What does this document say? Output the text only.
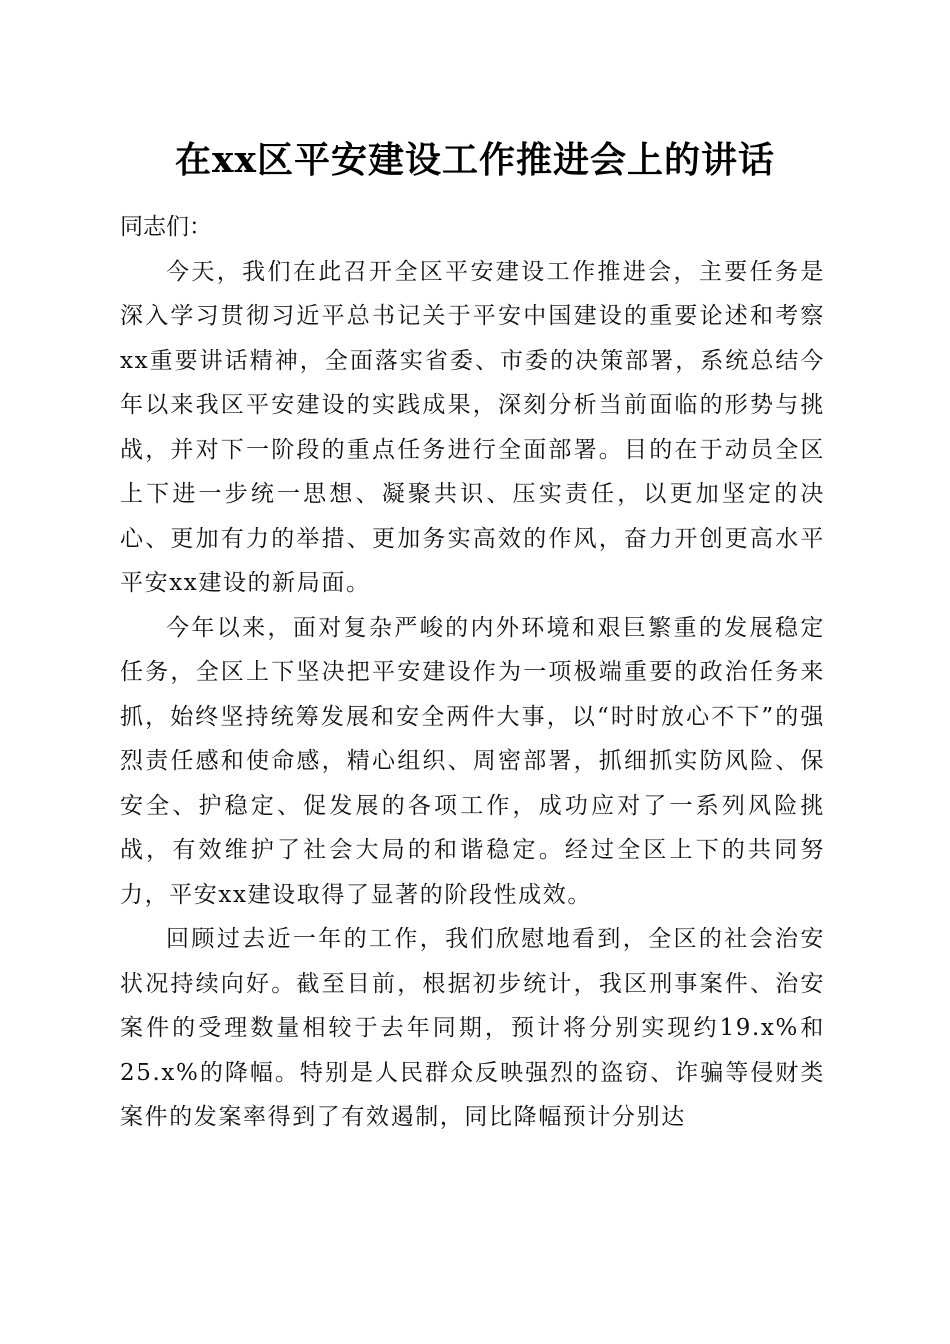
在xx区平安建设工作推进会上的讲话

同志们：

今天，我们在此召开全区平安建设工作推进会，主要任务是深入学习贯彻习近平总书记关于平安中国建设的重要论述和考察xx重要讲话精神，全面落实省委、市委的决策部署，系统总结今年以来我区平安建设的实践成果，深刻分析当前面临的形势与挑战，并对下一阶段的重点任务进行全面部署。目的在于动员全区上下进一步统一思想、凝聚共识、压实责任，以更加坚定的决心、更加有力的举措、更加务实高效的作风，奋力开创更高水平平安xx建设的新局面。

今年以来，面对复杂严峻的内外环境和艰巨繁重的发展稳定任务，全区上下坚决把平安建设作为一项极端重要的政治任务来抓，始终坚持统筹发展和安全两件大事，以“时时放心不下”的强烈责任感和使命感，精心组织、周密部署，抓细抓实防风险、保安全、护稳定、促发展的各项工作，成功应对了一系列风险挑战，有效维护了社会大局的和谐稳定。经过全区上下的共同努力，平安xx建设取得了显著的阶段性成效。

回顾过去近一年的工作，我们欣慰地看到，全区的社会治安状况持续向好。截至目前，根据初步统计，我区刑事案件、治安案件的受理数量相较于去年同期，预计将分别实现约19.x%和25.x%的降幅。特别是人民群众反映强烈的盗窃、诈骗等侵财类案件的发案率得到了有效遏制，同比降幅预计分别达
